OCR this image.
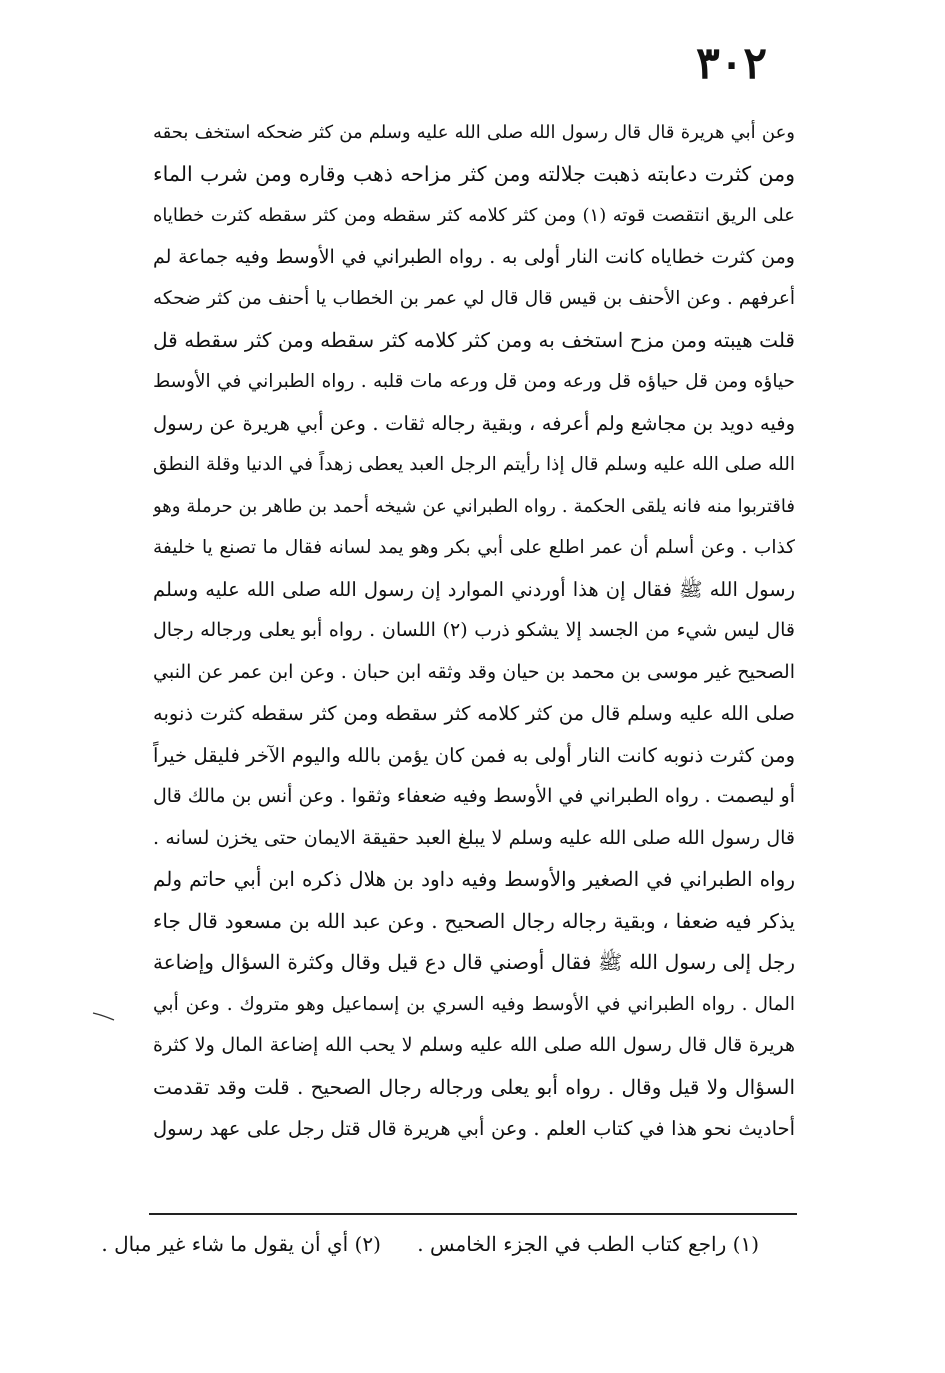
٣٠٢
وعن أبي هريرة قال قال رسول الله صلى الله عليه وسلم من كثر ضحكه استخف بحقه
ومن كثرت دعابته ذهبت جلالته ومن كثر مزاحه ذهب وقاره ومن شرب الماء
على الريق انتقصت قوته (١) ومن كثر كلامه كثر سقطه ومن كثر سقطه كثرت خطاياه
ومن كثرت خطاياه كانت النار أولى به . رواه الطبراني في الأوسط وفيه جماعة لم
أعرفهم . وعن الأحنف بن قيس قال قال لي عمر بن الخطاب يا أحنف من كثر ضحكه
قلت هيبته ومن مزح استخف به ومن كثر كلامه كثر سقطه ومن كثر سقطه قل
حياؤه ومن قل حياؤه قل ورعه ومن قل ورعه مات قلبه . رواه الطبراني في الأوسط
وفيه دويد بن مجاشع ولم أعرفه ، وبقية رجاله ثقات . وعن أبي هريرة عن رسول
الله صلى الله عليه وسلم قال إذا رأيتم الرجل العبد يعطى زهداً في الدنيا وقلة النطق
فاقتربوا منه فانه يلقى الحكمة . رواه الطبراني عن شيخه أحمد بن طاهر بن حرملة وهو
كذاب . وعن أسلم أن عمر اطلع على أبي بكر وهو يمد لسانه فقال ما تصنع يا خليفة
رسول الله ﷺ فقال إن هذا أوردني الموارد إن رسول الله صلى الله عليه وسلم
قال ليس شيء من الجسد إلا يشكو ذرب (٢) اللسان . رواه أبو يعلى ورجاله رجال
الصحيح غير موسى بن محمد بن حيان وقد وثقه ابن حبان . وعن ابن عمر عن النبي
صلى الله عليه وسلم قال من كثر كلامه كثر سقطه ومن كثر سقطه كثرت ذنوبه
ومن كثرت ذنوبه كانت النار أولى به فمن كان يؤمن بالله واليوم الآخر فليقل خيراً
أو ليصمت . رواه الطبراني في الأوسط وفيه ضعفاء وثقوا . وعن أنس بن مالك قال
قال رسول الله صلى الله عليه وسلم لا يبلغ العبد حقيقة الايمان حتى يخزن لسانه .
رواه الطبراني في الصغير والأوسط وفيه داود بن هلال ذكره ابن أبي حاتم ولم
يذكر فيه ضعفا ، وبقية رجاله رجال الصحيح . وعن عبد الله بن مسعود قال جاء
رجل إلى رسول الله ﷺ فقال أوصني قال دع قيل وقال وكثرة السؤال وإضاعة
المال . رواه الطبراني في الأوسط وفيه السري بن إسماعيل وهو متروك . وعن أبي
هريرة قال قال رسول الله صلى الله عليه وسلم لا يحب الله إضاعة المال ولا كثرة
السؤال ولا قيل وقال . رواه أبو يعلى ورجاله رجال الصحيح . قلت وقد تقدمت
أحاديث نحو هذا في كتاب العلم . وعن أبي هريرة قال قتل رجل على عهد رسول
(١) راجع كتاب الطب في الجزء الخامس . (٢) أي أن يقول ما شاء غير مبال .
